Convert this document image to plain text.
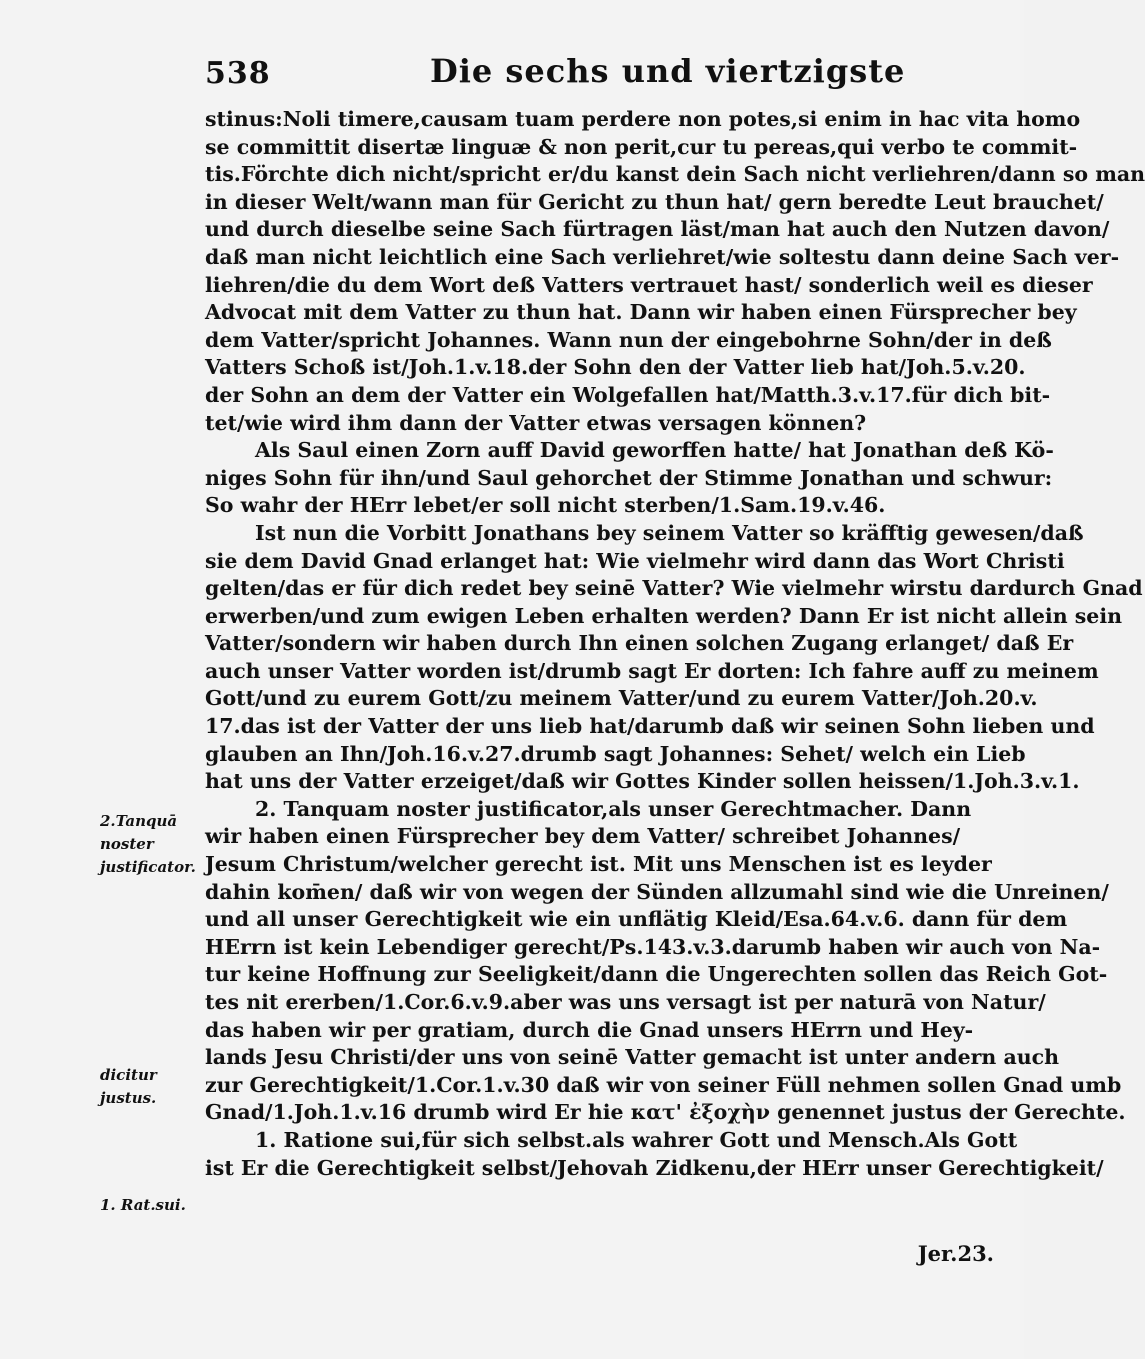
538	Die sechs und viertzigste
stinus:Noli timere,causam tuam perdere non potes,si enim in hac vita homo
se committit disertæ linguæ & non perit,cur tu pereas,qui verbo te commit-
tis.Förchte dich nicht/spricht er/du kanst dein Sach nicht verliehren/dann so man
in dieser Welt/wann man für Gericht zu thun hat/ gern beredte Leut brauchet/
und durch dieselbe seine Sach fürtragen läst/man hat auch den Nutzen davon/
daß man nicht leichtlich eine Sach verliehret/wie soltestu dann deine Sach ver-
liehren/die du dem Wort deß Vatters vertrauet hast/ sonderlich weil es dieser
Advocat mit dem Vatter zu thun hat. Dann wir haben einen Fürsprecher bey
dem Vatter/spricht Johannes. Wann nun der eingebohrne Sohn/der in deß
Vatters Schoß ist/Joh.1.v.18.der Sohn den der Vatter lieb hat/Joh.5.v.20.
der Sohn an dem der Vatter ein Wolgefallen hat/Matth.3.v.17.für dich bit-
tet/wie wird ihm dann der Vatter etwas versagen können?
Als Saul einen Zorn auff David geworffen hatte/ hat Jonathan deß Kö-
niges Sohn für ihn/und Saul gehorchet der Stimme Jonathan und schwur:
So wahr der HErr lebet/er soll nicht sterben/1.Sam.19.v.46.
Ist nun die Vorbitt Jonathans bey seinem Vatter so kräfftig gewesen/daß
sie dem David Gnad erlanget hat: Wie vielmehr wird dann das Wort Christi
gelten/das er für dich redet bey seinē Vatter? Wie vielmehr wirstu dardurch Gnad
erwerben/und zum ewigen Leben erhalten werden? Dann Er ist nicht allein sein
Vatter/sondern wir haben durch Ihn einen solchen Zugang erlanget/ daß Er
auch unser Vatter worden ist/drumb sagt Er dorten: Ich fahre auff zu meinem
Gott/und zu eurem Gott/zu meinem Vatter/und zu eurem Vatter/Joh.20.v.
17.das ist der Vatter der uns lieb hat/darumb daß wir seinen Sohn lieben und
glauben an Ihn/Joh.16.v.27.drumb sagt Johannes: Sehet/ welch ein Lieb
hat uns der Vatter erzeiget/daß wir Gottes Kinder sollen heissen/1.Joh.3.v.1.
2. Tanquam noster justificator,als unser Gerechtmacher. Dann
wir haben einen Fürsprecher bey dem Vatter/ schreibet Johannes/
Jesum Christum/welcher gerecht ist. Mit uns Menschen ist es leyder
dahin kom̄en/ daß wir von wegen der Sünden allzumahl sind wie die Unreinen/
und all unser Gerechtigkeit wie ein unflätig Kleid/Esa.64.v.6. dann für dem
HErrn ist kein Lebendiger gerecht/Ps.143.v.3.darumb haben wir auch von Na-
tur keine Hoffnung zur Seeligkeit/dann die Ungerechten sollen das Reich Got-
tes nit ererben/1.Cor.6.v.9.aber was uns versagt ist per naturā von Natur/
das haben wir per gratiam, durch die Gnad unsers HErrn und Hey-
lands Jesu Christi/der uns von seinē Vatter gemacht ist unter andern auch
zur Gerechtigkeit/1.Cor.1.v.30 daß wir von seiner Füll nehmen sollen Gnad umb
Gnad/1.Joh.1.v.16 drumb wird Er hie κατ' ἐξοχὴν genennet justus der Gerechte.
1. Ratione sui,für sich selbst.als wahrer Gott und Mensch.Als Gott
ist Er die Gerechtigkeit selbst/Jehovah Zidkenu,der HErr unser Gerechtigkeit/
2.Tanquā noster justificator.
dicitur justus.
1. Rat.sui.
Jer.23.
